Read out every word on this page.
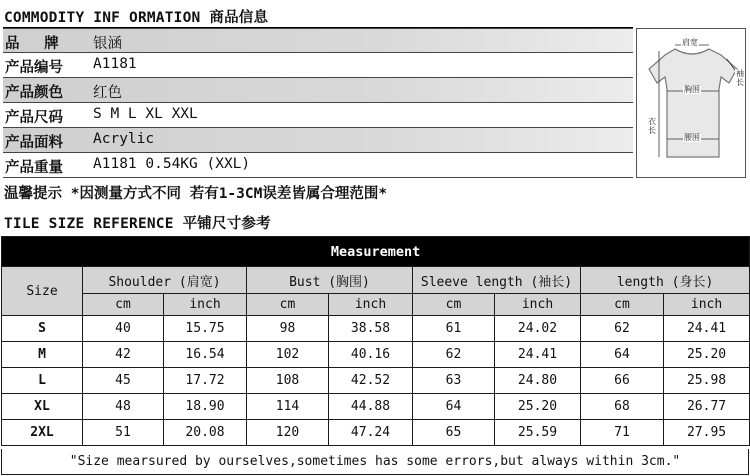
COMMODITY INF ORMATION 商品信息
品 牌	银涵
产品编号	A1181
产品颜色	红色
产品尺码	S M L XL XXL
产品面料	Acrylic
产品重量	A1181 0.54KG (XXL)
肩宽
袖长
胸围
衣长
腰围
温馨提示 *因测量方式不同 若有1-3CM误差皆属合理范围*
TILE SIZE REFERENCE 平铺尺寸参考
Measurement								
Size	Shoulder (肩宽)		Bust (胸围)		Sleeve length (袖长)		length (身长)	
	cm	inch	cm	inch	cm	inch	cm	inch
S	40	15.75	98	38.58	61	24.02	62	24.41
M	42	16.54	102	40.16	62	24.41	64	25.20
L	45	17.72	108	42.52	63	24.80	66	25.98
XL	48	18.90	114	44.88	64	25.20	68	26.77
2XL	51	20.08	120	47.24	65	25.59	71	27.95
"Size mearsured by ourselves,sometimes has some errors,but always within 3cm."
